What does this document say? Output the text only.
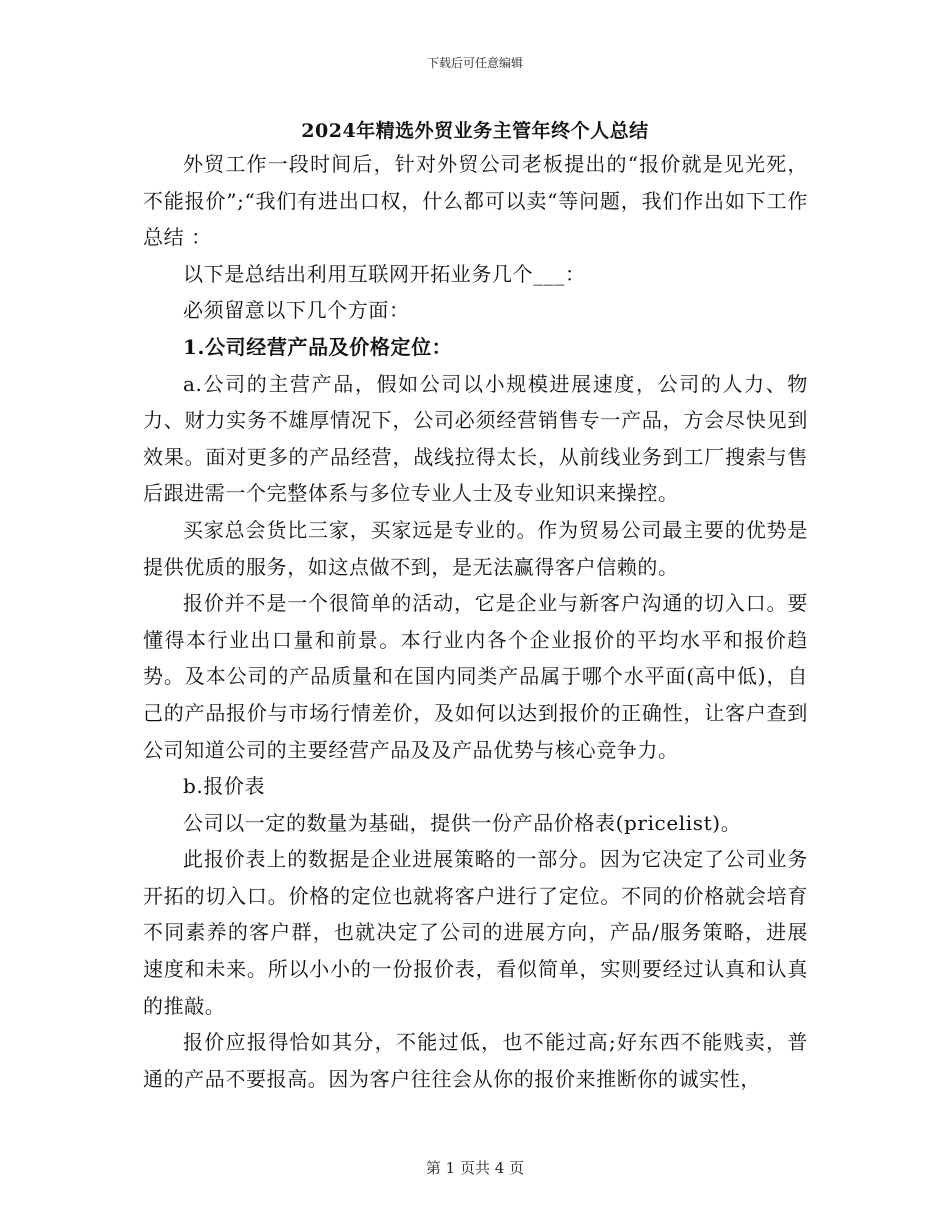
下载后可任意编辑
2024年精选外贸业务主管年终个人总结

外贸工作一段时间后，针对外贸公司老板提出的“报价就是见光死，不能报价”;“我们有进出口权，什么都可以卖“等问题，我们作出如下工作总结 ：

以下是总结出利用互联网开拓业务几个___：

必须留意以下几个方面：

1.公司经营产品及价格定位：

a.公司的主营产品，假如公司以小规模进展速度，公司的人力、物力、财力实务不雄厚情况下，公司必须经营销售专一产品，方会尽快见到效果。面对更多的产品经营，战线拉得太长，从前线业务到工厂搜索与售后跟进需一个完整体系与多位专业人士及专业知识来操控。

买家总会货比三家，买家远是专业的。作为贸易公司最主要的优势是提供优质的服务，如这点做不到，是无法赢得客户信赖的。

报价并不是一个很简单的活动，它是企业与新客户沟通的切入口。要懂得本行业出口量和前景。本行业内各个企业报价的平均水平和报价趋势。及本公司的产品质量和在国内同类产品属于哪个水平面(高中低)，自己的产品报价与市场行情差价，及如何以达到报价的正确性，让客户查到公司知道公司的主要经营产品及及产品优势与核心竞争力。

b.报价表

公司以一定的数量为基础，提供一份产品价格表(pricelist)。

此报价表上的数据是企业进展策略的一部分。因为它决定了公司业务开拓的切入口。价格的定位也就将客户进行了定位。不同的价格就会培育不同素养的客户群，也就决定了公司的进展方向，产品/服务策略，进展速度和未来。所以小小的一份报价表，看似简单，实则要经过认真和认真的推敲。

报价应报得恰如其分，不能过低，也不能过高;好东西不能贱卖，普通的产品不要报高。因为客户往往会从你的报价来推断你的诚实性，

第 1 页共 4 页
